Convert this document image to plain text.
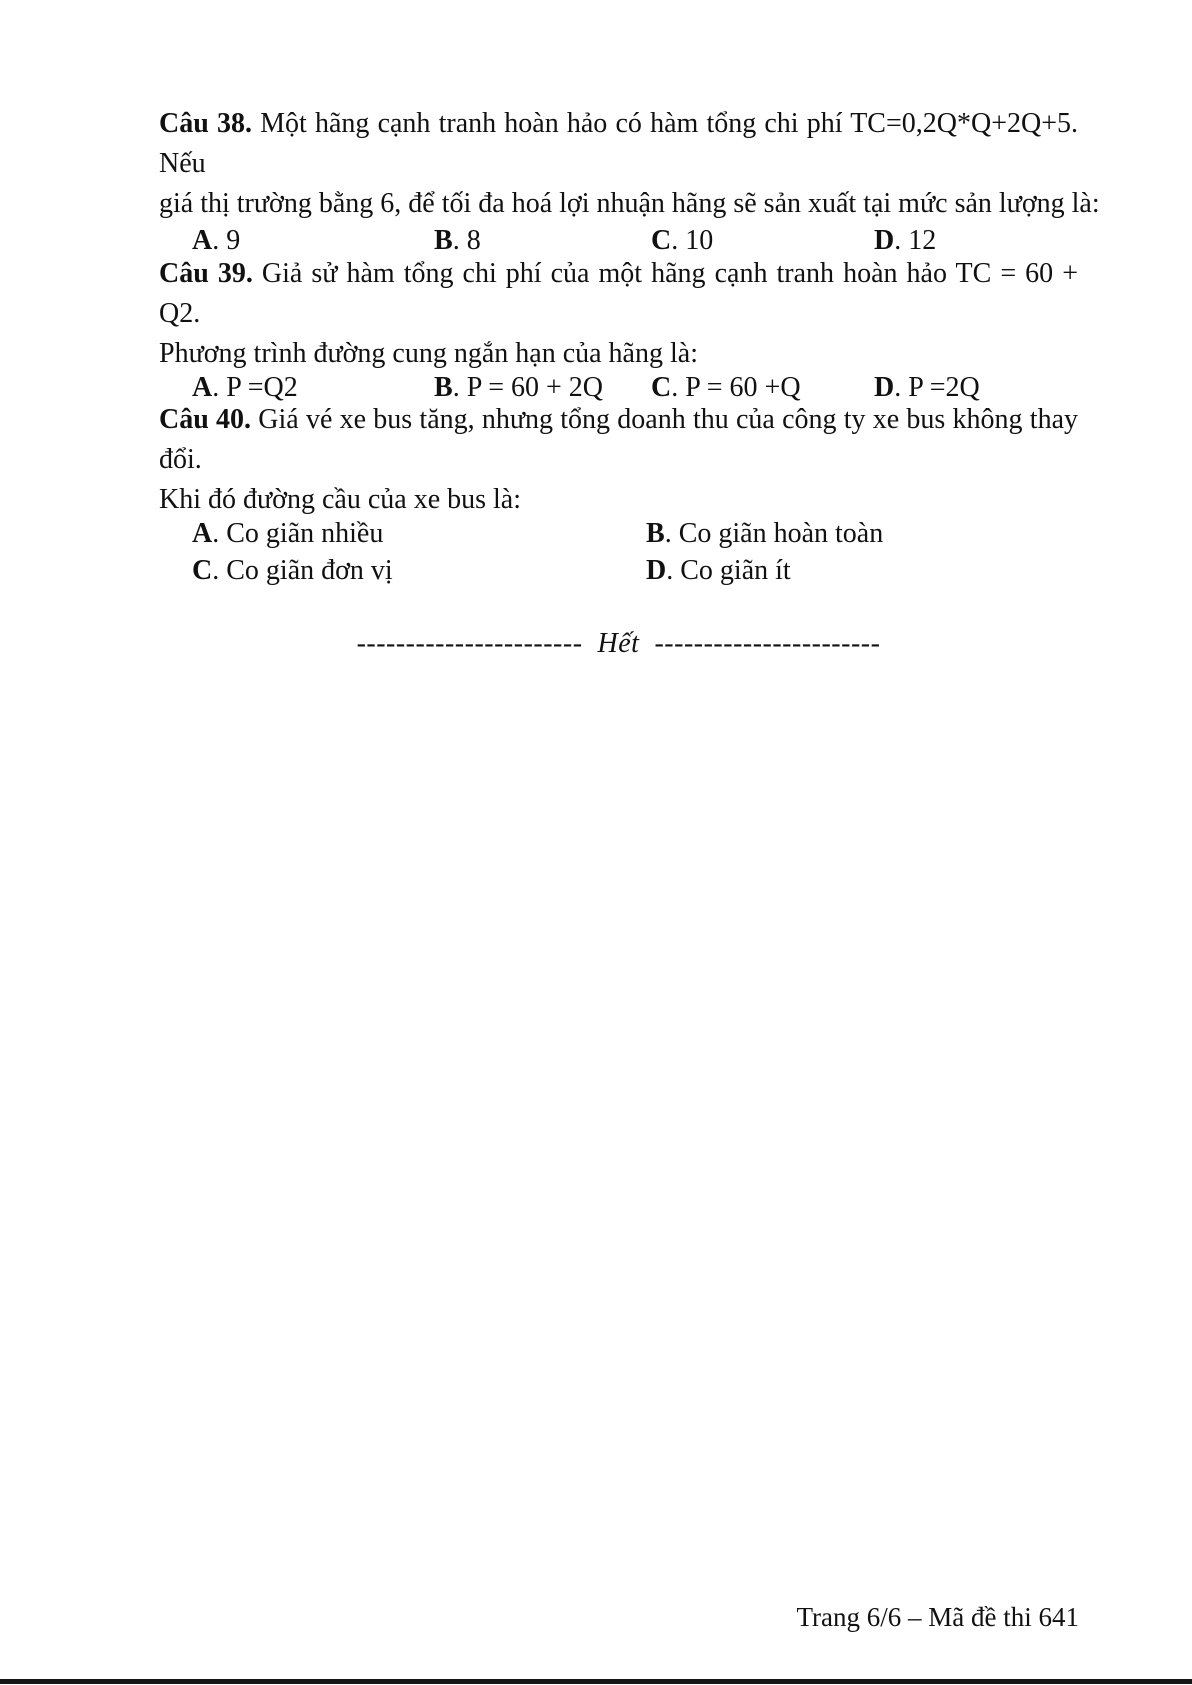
Câu 38. Một hãng cạnh tranh hoàn hảo có hàm tổng chi phí TC=0,2Q*Q+2Q+5. Nếu
giá thị trường bằng 6, để tối đa hoá lợi nhuận hãng sẽ sản xuất tại mức sản lượng là:
A. 9	B. 8	C. 10	D. 12
Câu 39. Giả sử hàm tổng chi phí của một hãng cạnh tranh hoàn hảo TC = 60 + Q2.
Phương trình đường cung ngắn hạn của hãng là:
A. P =Q2	B. P = 60 + 2Q C. P = 60 +Q	D. P =2Q
Câu 40. Giá vé xe bus tăng, nhưng tổng doanh thu của công ty xe bus không thay đổi.
Khi đó đường cầu của xe bus là:
A. Co giãn nhiều	B. Co giãn hoàn toàn
C. Co giãn đơn vị	D. Co giãn ít
----------------------- Hết -----------------------
Trang 6/6 – Mã đề thi 641
